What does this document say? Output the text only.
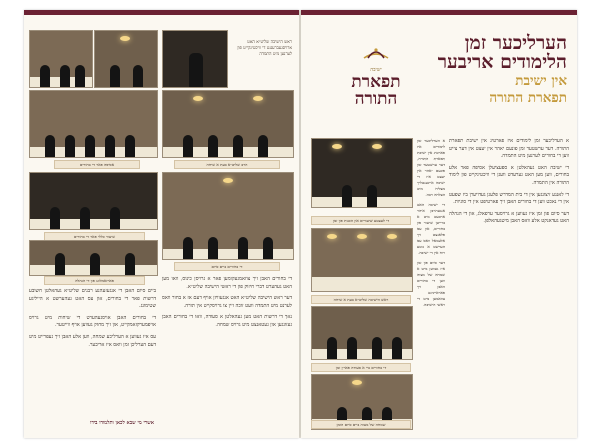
ישיבה
תפארת
התורה
הערליכער זמן
הלימודים אריבער
אין ישיבת
תפארת התורה
די לעצטע שיעורים און הכנות פון זמן
ראש הישיבה שליט״א בעת א שיחה
די בחורים ביי א סעודה פאר׳ן זמן
שמחה של מצוה ביים סיום הזמן

א הערליכער זמן לימודים איז פארטיג אין ישיבת תפארת התורה. דער ערשטער זמן פונעם יאהר אין יעצט אין דער צייט ווען די בחורים לערנען מיט התמדה.

די ישיבה האט געהאלטן א ספעציעלן אסיפה פאר אלע בחורים, ווען מען האט גערעדט וועגן די וויכטיגקייט פון לימוד התורה אין התמדה.

די לאנגע זיצונגען אין די בית המדרש פלעגן געדויערן ביז שפעט אין די נאכט ווען די בחורים האבן זיך פארטיפט אין די סוגיות.

דער סיום פון זמן איז געווען א גרויסער ערפאלג, און די הנהלה האט געדאנקט אלע וואס האבן מיטגעהאלפן.

א הערליכער זמן לימודים איז פארטיג אין ישיבת תפארת התורה, דער ערשטער זמן פונעם יאהר אין יעצט איז די ישיבה אייגענטליך מצליח מיט הצלחה רבה.

די ישיבה האט אנגעהויבן איהר ארבעט מיט א ברייטן שיעור פון בחורים, און עס פלאנצט זיך אלעמאל וואס עס הערשט א גוטע רוח אין די ישיבה.

דער סיום פון זמן איז געווען מיט א שמחה של מצוה ווען די בחורים האבן זיך פאראייניגט צוזאמען מיט די ראשי הישיבה.

ראש הישיבה שליט״א האט ארויסגעברענגט די וויכטיגקייט פון לערנען מיט התמדה
אסיפה פאר די בחורים	הרב שליט״א בעת א שיחה
שיעור כללי פאר די בחורים
די בחורים ביים סיום
פארזאמלונג פון די הנהלה

ביים סיום האבן די אנגעזעהנע רבנים שליט״א געהאלטן חשובע דרשות פאר די בחורים, און עס האט געהערשט א הייליגע שטימונג.

די בחורים האבן אויסגעהערט די שיחות מיט גרויס אויפמערקזאמקייט, און זיך מחזק געווען אויף ווייטער.

עס איז געווען א הערליכע שמחה, ווען אלע האבן זיך געפרייט מיט דעם הערליכן זמן וואס איז אריבער.

די בחורים האבן זיך צוזאמגעקומען פאר א גרויסן כינוס, וואו מען האט געהערט דברי חיזוק פון די ראשי הישיבה שליט״א.

דער ראש הישיבה שליט״א האט אנגעוויזן אויף דעם אז א בחור וואס לערנט מיט התמדה וועט זוכה זיין צו גרויסקייט אין תורה.

נאך די דרשות האט מען געהאלטן א סעודה, וואו די בחורים האבן געזונגען און געטאנצט מיט גרויס שמחה.

אשרי מי שבא לכאן ותלמודו בידו
